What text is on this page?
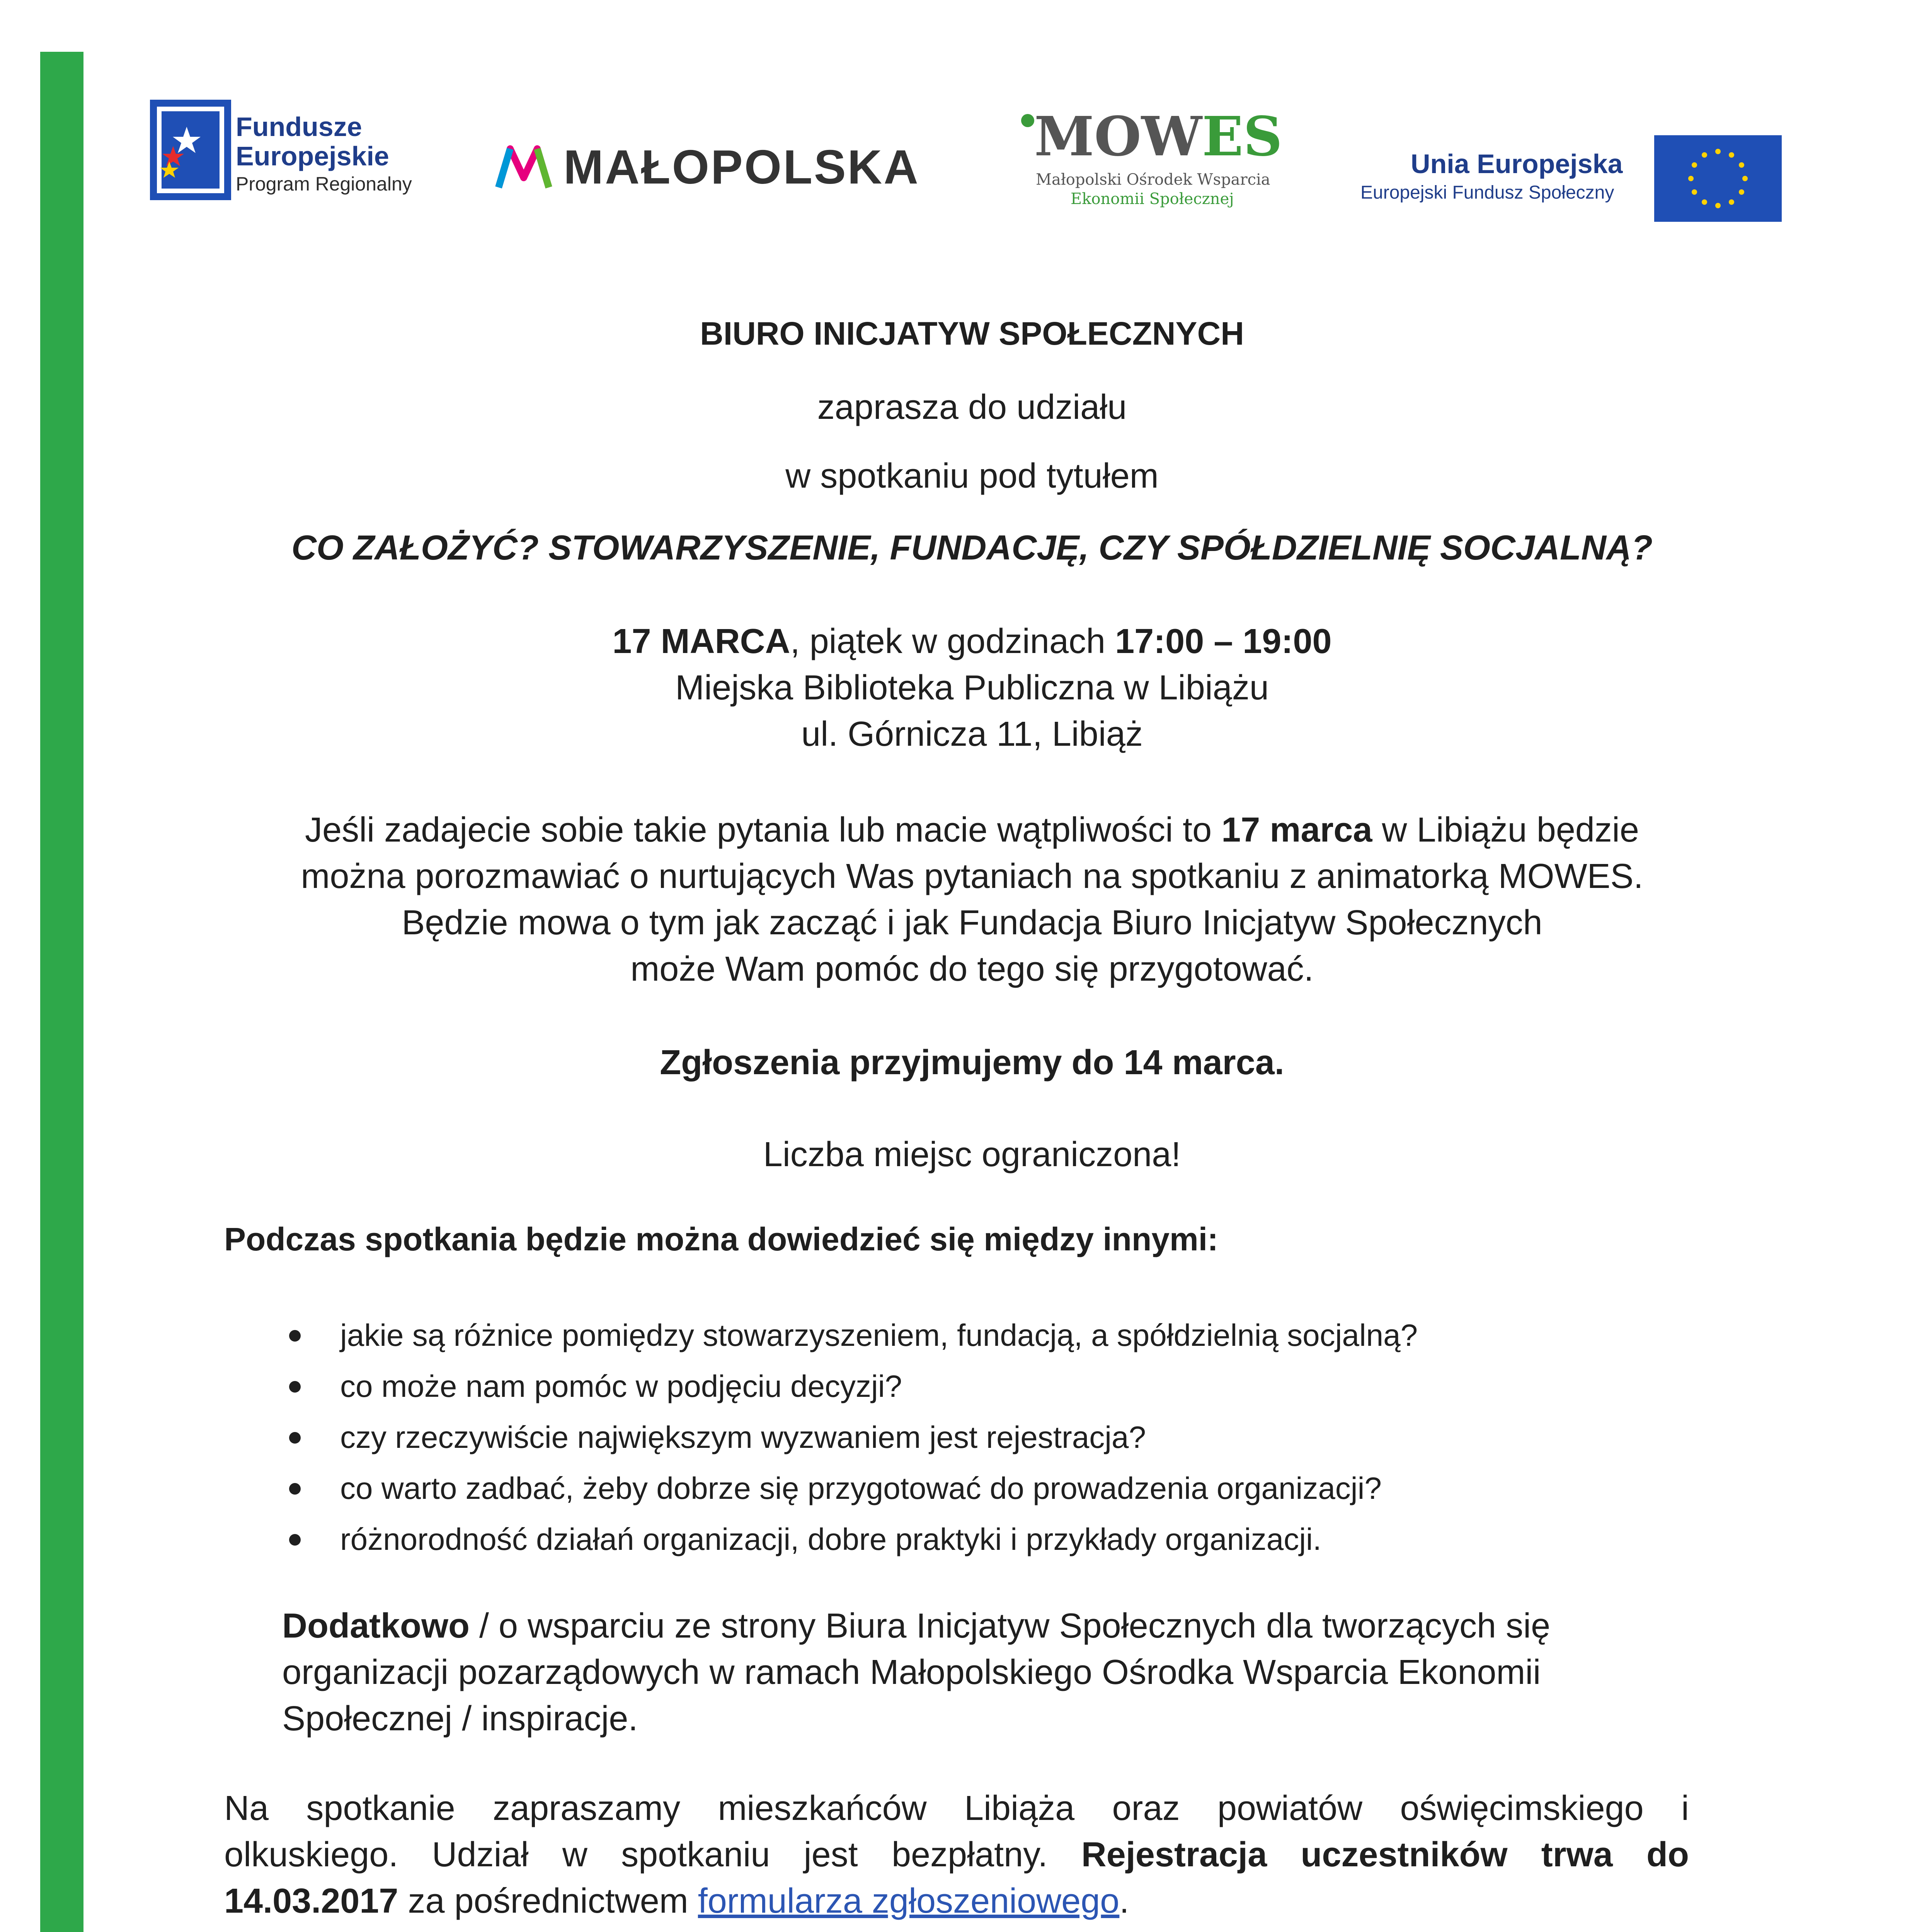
Fundusze
Europejskie
Program Regionalny	MAŁOPOLSKA MOWES
Małopolski Ośrodek Wsparcia
Ekonomii Społecznej
Unia Europejska
Europejski Fundusz Społeczny
BIURO INICJATYW SPOŁECZNYCH
zaprasza do udziału
w spotkaniu pod tytułem
CO ZAŁOŻYĆ? STOWARZYSZENIE, FUNDACJĘ, CZY SPÓŁDZIELNIĘ SOCJALNĄ?
17 MARCA, piątek w godzinach 17:00 – 19:00
Miejska Biblioteka Publiczna w Libiążu
ul. Górnicza 11, Libiąż
Jeśli zadajecie sobie takie pytania lub macie wątpliwości to 17 marca w Libiążu będzie
można porozmawiać o nurtujących Was pytaniach na spotkaniu z animatorką MOWES.
Będzie mowa o tym jak zacząć i jak Fundacja Biuro Inicjatyw Społecznych
może Wam pomóc do tego się przygotować.
Zgłoszenia przyjmujemy do 14 marca.
Liczba miejsc ograniczona!
Podczas spotkania będzie można dowiedzieć się między innymi:
jakie są różnice pomiędzy stowarzyszeniem, fundacją, a spółdzielnią socjalną?
co może nam pomóc w podjęciu decyzji?
czy rzeczywiście największym wyzwaniem jest rejestracja?
co warto zadbać, żeby dobrze się przygotować do prowadzenia organizacji?
różnorodność działań organizacji, dobre praktyki i przykłady organizacji.
Dodatkowo / o wsparciu ze strony Biura Inicjatyw Społecznych dla tworzących się
organizacji pozarządowych w ramach Małopolskiego Ośrodka Wsparcia Ekonomii
Społecznej / inspiracje.
Na spotkanie zapraszamy mieszkańców Libiąża oraz powiatów oświęcimskiego i
olkuskiego. Udział w spotkaniu jest bezpłatny. Rejestracja uczestników trwa do
14.03.2017 za pośrednictwem formularza zgłoszeniowego.
